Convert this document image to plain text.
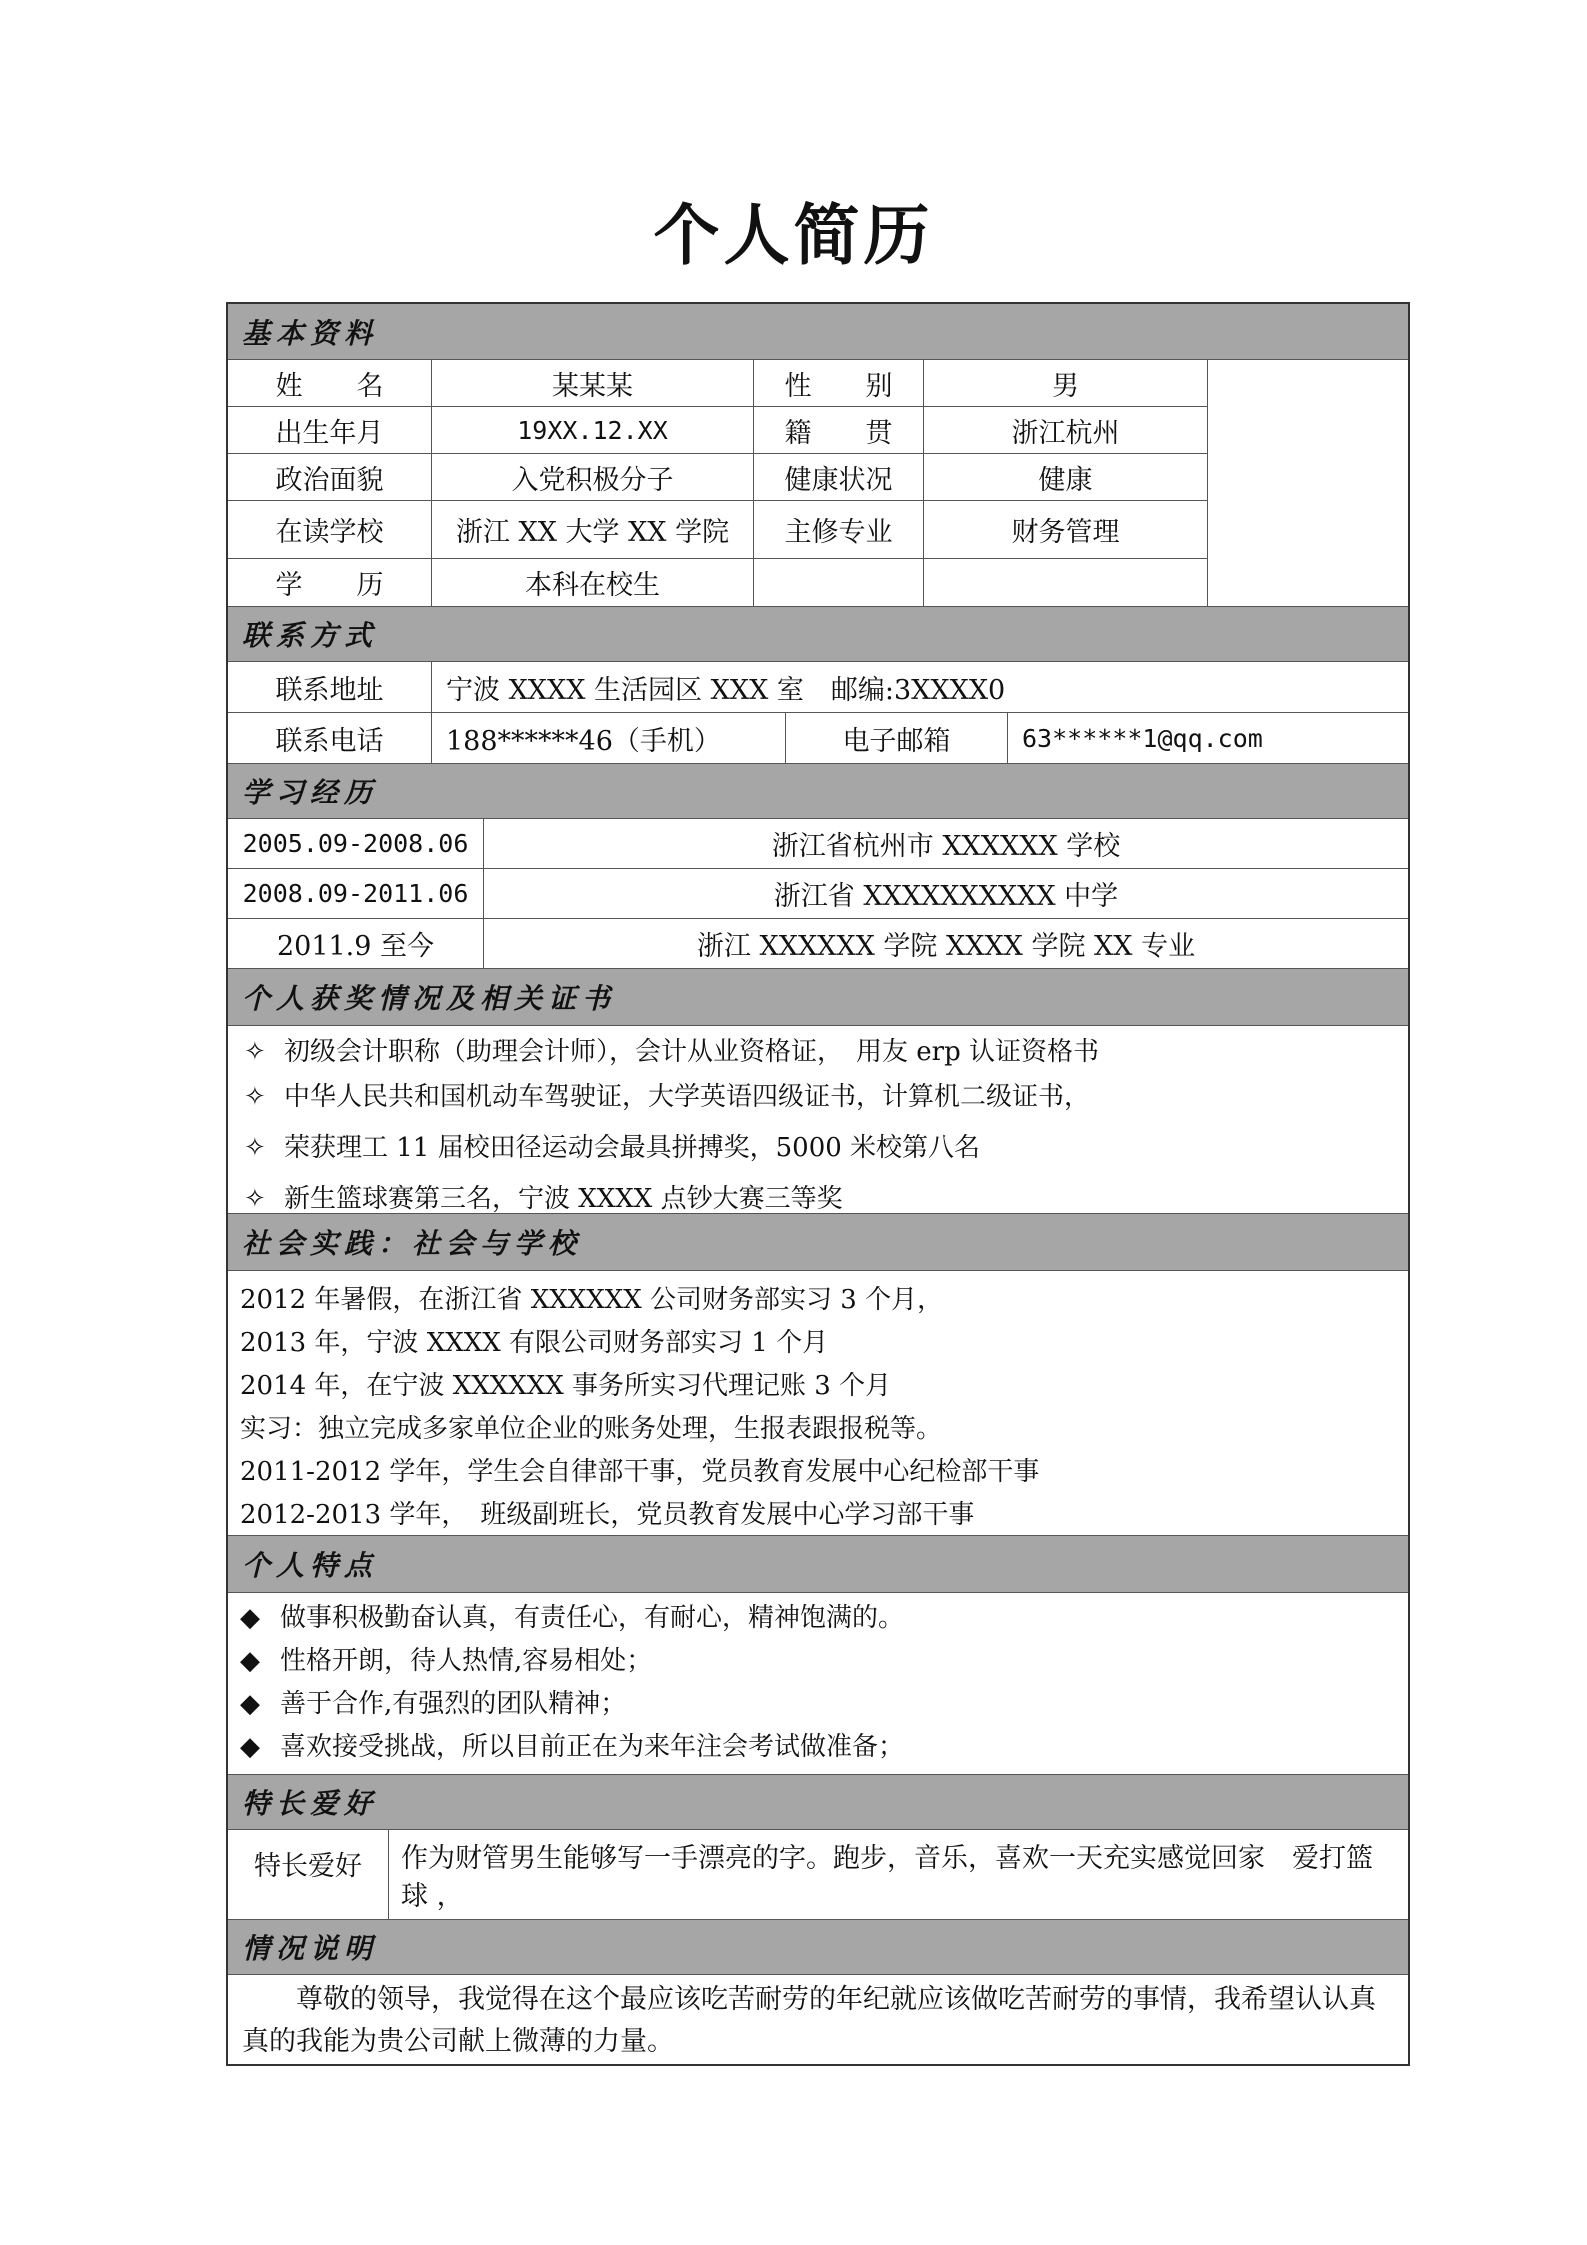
个人简历
基本资料
姓　　名	某某某	性　　别	男
出生年月	19XX.12.XX	籍　　贯	浙江杭州
政治面貌	入党积极分子	健康状况	健康
在读学校	浙江 XX 大学 XX 学院	主修专业	财务管理
学　　历	本科在校生
联系方式
联系地址	宁波 XXXX 生活园区 XXX 室　邮编:3XXXX0
联系电话	188******46（手机）	电子邮箱	63******1@qq.com
学习经历
2005.09-2008.06	浙江省杭州市 XXXXXX 学校
2008.09-2011.06	浙江省 XXXXXXXXXX 中学
2011.9 至今	浙江 XXXXXX 学院 XXXX 学院 XX 专业
个人获奖情况及相关证书
✧ 初级会计职称（助理会计师），会计从业资格证，　用友 erp 认证资格书
✧ 中华人民共和国机动车驾驶证，大学英语四级证书，计算机二级证书，
✧ 荣获理工 11 届校田径运动会最具拼搏奖，5000 米校第八名
✧ 新生篮球赛第三名，宁波 XXXX 点钞大赛三等奖
社会实践：社会与学校
2012 年暑假，在浙江省 XXXXXX 公司财务部实习 3 个月，
2013 年，宁波 XXXX 有限公司财务部实习 1 个月
2014 年，在宁波 XXXXXX 事务所实习代理记账 3 个月
实习：独立完成多家单位企业的账务处理，生报表跟报税等。
2011-2012 学年，学生会自律部干事，党员教育发展中心纪检部干事
2012-2013 学年，　班级副班长，党员教育发展中心学习部干事
个人特点
◆ 做事积极勤奋认真，有责任心，有耐心，精神饱满的。
◆ 性格开朗，待人热情,容易相处；
◆ 善于合作,有强烈的团队精神；
◆ 喜欢接受挑战，所以目前正在为来年注会考试做准备；
特长爱好
特长爱好	作为财管男生能够写一手漂亮的字。跑步，音乐，喜欢一天充实感觉回家　爱打篮球 ，
情况说明
尊敬的领导，我觉得在这个最应该吃苦耐劳的年纪就应该做吃苦耐劳的事情，我希望认认真真的我能为贵公司献上微薄的力量。
